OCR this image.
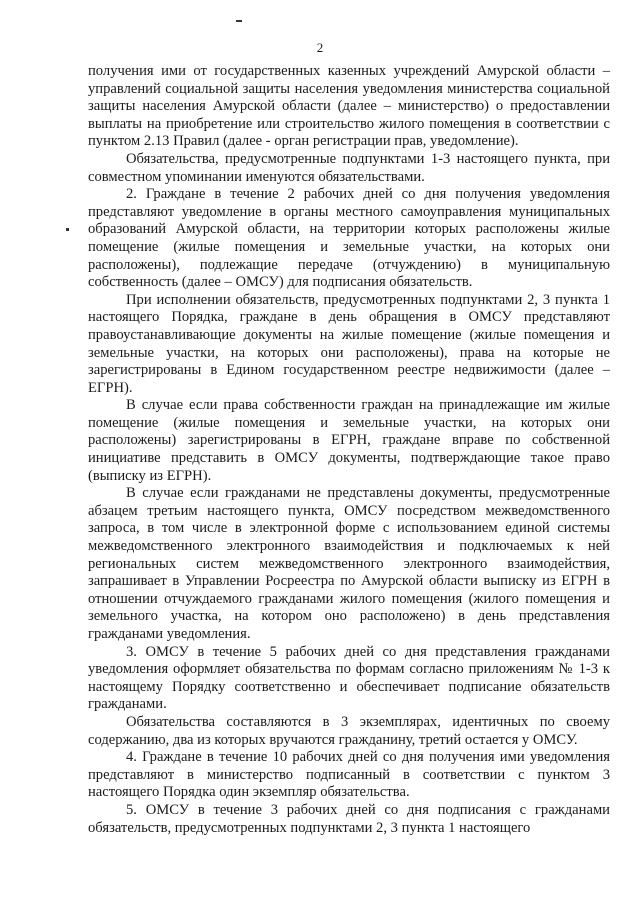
2

получения ими от государственных казенных учреждений Амурской области – управлений социальной защиты населения уведомления министерства социальной защиты населения Амурской области (далее – министерство) о предоставлении выплаты на приобретение или строительство жилого помещения в соответствии с пунктом 2.13 Правил (далее - орган регистрации прав, уведомление).

Обязательства, предусмотренные подпунктами 1-3 настоящего пункта, при совместном упоминании именуются обязательствами.

2. Граждане в течение 2 рабочих дней со дня получения уведомления представляют уведомление в органы местного самоуправления муниципальных образований Амурской области, на территории которых расположены жилые помещение (жилые помещения и земельные участки, на которых они расположены), подлежащие передаче (отчуждению) в муниципальную собственность (далее – ОМСУ) для подписания обязательств.

При исполнении обязательств, предусмотренных подпунктами 2, 3 пункта 1 настоящего Порядка, граждане в день обращения в ОМСУ представляют правоустанавливающие документы на жилые помещение (жилые помещения и земельные участки, на которых они расположены), права на которые не зарегистрированы в Едином государственном реестре недвижимости (далее – ЕГРН).

В случае если права собственности граждан на принадлежащие им жилые помещение (жилые помещения и земельные участки, на которых они расположены) зарегистрированы в ЕГРН, граждане вправе по собственной инициативе представить в ОМСУ документы, подтверждающие такое право (выписку из ЕГРН).

В случае если гражданами не представлены документы, предусмотренные абзацем третьим настоящего пункта, ОМСУ посредством межведомственного запроса, в том числе в электронной форме с использованием единой системы межведомственного электронного взаимодействия и подключаемых к ней региональных систем межведомственного электронного взаимодействия, запрашивает в Управлении Росреестра по Амурской области выписку из ЕГРН в отношении отчуждаемого гражданами жилого помещения (жилого помещения и земельного участка, на котором оно расположено) в день представления гражданами уведомления.

3. ОМСУ в течение 5 рабочих дней со дня представления гражданами уведомления оформляет обязательства по формам согласно приложениям № 1-3 к настоящему Порядку соответственно и обеспечивает подписание обязательств гражданами.

Обязательства составляются в 3 экземплярах, идентичных по своему содержанию, два из которых вручаются гражданину, третий остается у ОМСУ.

4. Граждане в течение 10 рабочих дней со дня получения ими уведомления представляют в министерство подписанный в соответствии с пунктом 3 настоящего Порядка один экземпляр обязательства.

5. ОМСУ в течение 3 рабочих дней со дня подписания с гражданами обязательств, предусмотренных подпунктами 2, 3 пункта 1 настоящего
